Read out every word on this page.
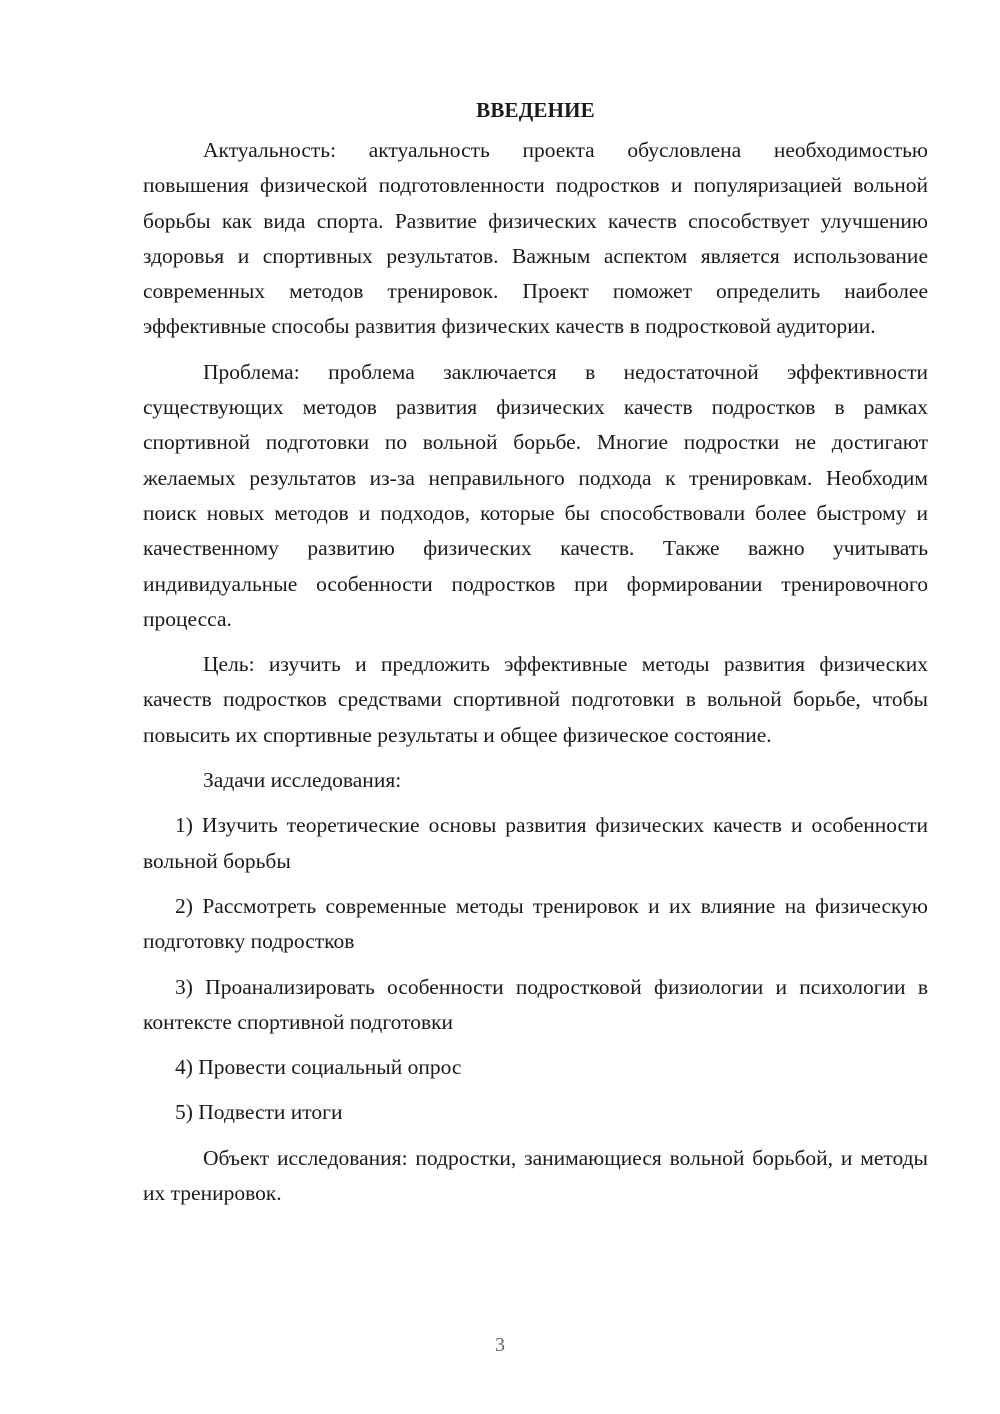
ВВЕДЕНИЕ

Актуальность: актуальность проекта обусловлена необходимостью повышения физической подготовленности подростков и популяризацией вольной борьбы как вида спорта. Развитие физических качеств способствует улучшению здоровья и спортивных результатов. Важным аспектом является использование современных методов тренировок. Проект поможет определить наиболее эффективные способы развития физических качеств в подростковой аудитории.

Проблема: проблема заключается в недостаточной эффективности существующих методов развития физических качеств подростков в рамках спортивной подготовки по вольной борьбе. Многие подростки не достигают желаемых результатов из-за неправильного подхода к тренировкам. Необходим поиск новых методов и подходов, которые бы способствовали более быстрому и качественному развитию физических качеств. Также важно учитывать индивидуальные особенности подростков при формировании тренировочного процесса.

Цель: изучить и предложить эффективные методы развития физических качеств подростков средствами спортивной подготовки в вольной борьбе, чтобы повысить их спортивные результаты и общее физическое состояние.

Задачи исследования:

1) Изучить теоретические основы развития физических качеств и особенности вольной борьбы

2) Рассмотреть современные методы тренировок и их влияние на физическую подготовку подростков

3) Проанализировать особенности подростковой физиологии и психологии в контексте спортивной подготовки

4) Провести социальный опрос

5) Подвести итоги

Объект исследования: подростки, занимающиеся вольной борьбой, и методы их тренировок.

3
